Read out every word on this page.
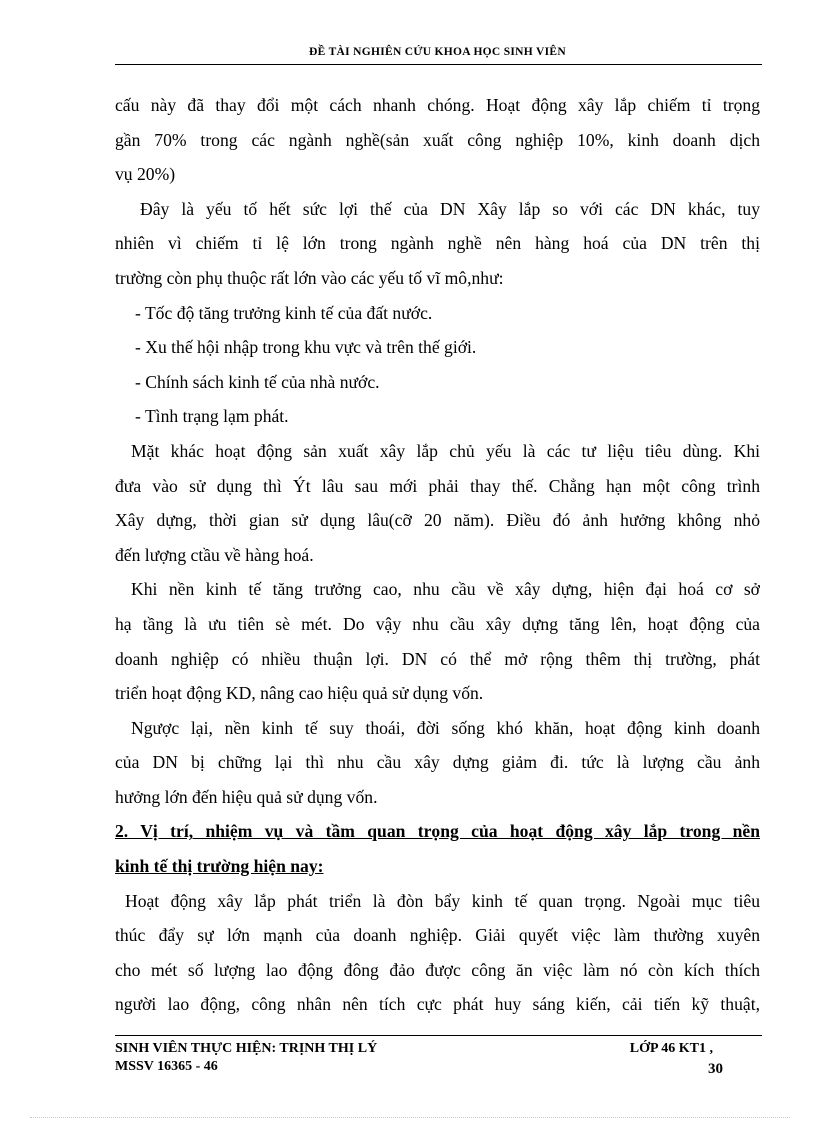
ĐỀ TÀI NGHIÊN CỨU KHOA HỌC SINH VIÊN
cấu này đã thay đổi một cách nhanh chóng. Hoạt động xây lắp chiếm tỉ trọng
gần 70% trong các ngành nghề(sản xuất công nghiệp 10%, kinh doanh dịch
vụ 20%)
Đây là yếu tố hết sức lợi thế của DN Xây lắp so với các DN khác, tuy
nhiên vì chiếm tỉ lệ lớn trong ngành nghề nên hàng hoá của DN trên thị
trường còn phụ thuộc rất lớn vào các yếu tố vĩ mô,như:
- Tốc độ tăng trưởng kinh tế của đất nước.
- Xu thế hội nhập trong khu vực và trên thế giới.
- Chính sách kinh tế của nhà nước.
- Tình trạng lạm phát.
Mặt khác hoạt động sản xuất xây lắp chủ yếu là các tư liệu tiêu dùng. Khi
đưa vào sử dụng thì Ýt lâu sau mới phải thay thế. Chẳng hạn một công trình
Xây dựng, thời gian sử dụng lâu(cỡ 20 năm). Điều đó ảnh hưởng không nhỏ
đến lượng ctầu về hàng hoá.
Khi nền kinh tế tăng trưởng cao, nhu cầu về xây dựng, hiện đại hoá cơ sở
hạ tầng là ưu tiên sè mét. Do vậy nhu cầu xây dựng tăng lên, hoạt động của
doanh nghiệp có nhiều thuận lợi. DN có thể mở rộng thêm thị trường, phát
triển hoạt động KD, nâng cao hiệu quả sử dụng vốn.
Ngược lại, nền kinh tế suy thoái, đời sống khó khăn, hoạt động kinh doanh
của DN bị chững lại thì nhu cầu xây dựng giảm đi. tức là lượng cầu ảnh
hưởng lớn đến hiệu quả sử dụng vốn.
2. Vị trí, nhiệm vụ và tầm quan trọng của hoạt động xây lắp trong nền
kinh tế thị trường hiện nay:
Hoạt động xây lắp phát triển là đòn bẩy kinh tế quan trọng. Ngoài mục tiêu
thúc đẩy sự lớn mạnh của doanh nghiệp. Giải quyết việc làm thường xuyên
cho mét số lượng lao động đông đảo được công ăn việc làm nó còn kích thích
người lao động, công nhân nên tích cực phát huy sáng kiến, cải tiến kỹ thuật,
SINH VIÊN THỰC HIỆN: TRỊNH THỊ LÝ	LỚP 46 KT1 ,
MSSV 16365 - 46	30
